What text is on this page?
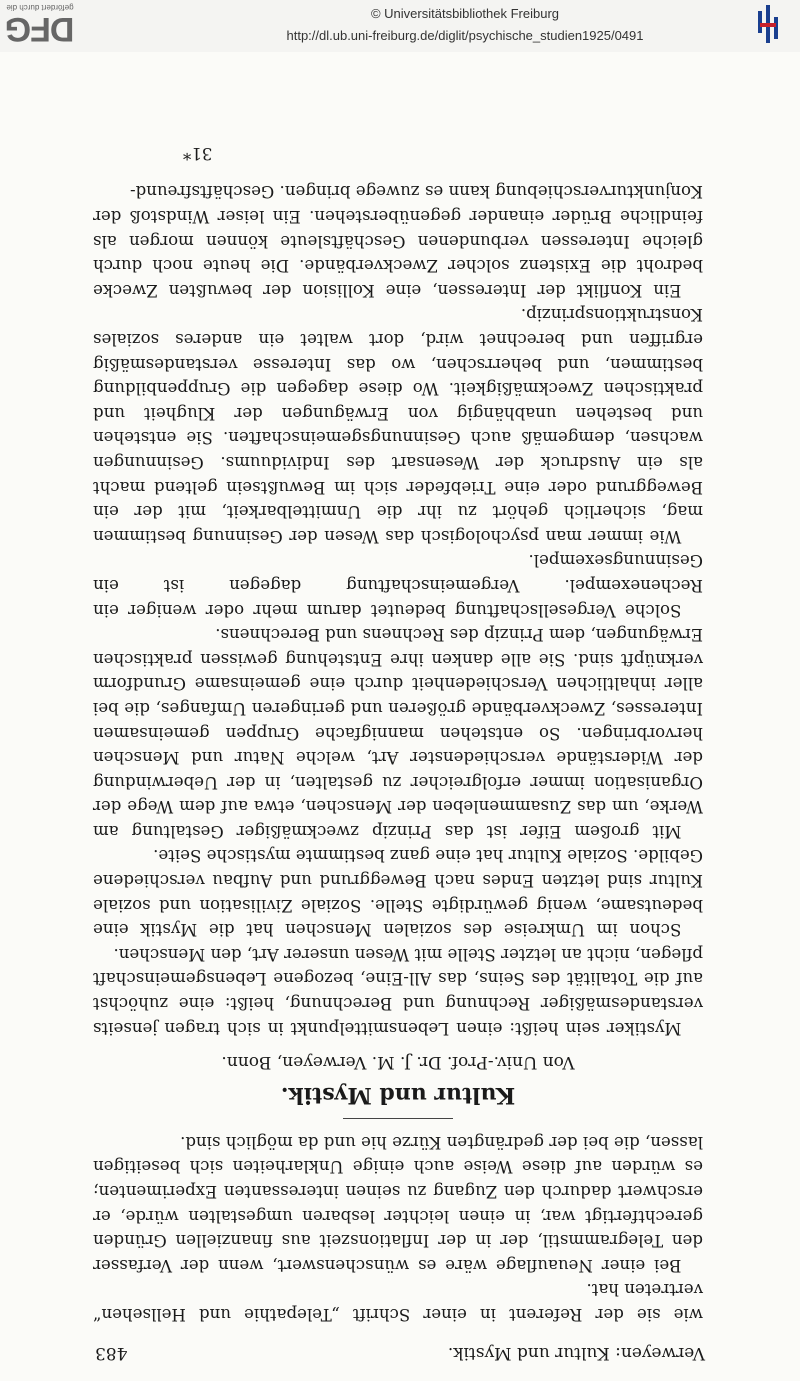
gefördert durch die
DFG	© Universitätsbibliothek Freiburg
http://dl.ub.uni-freiburg.de/diglit/psychische_studien1925/0491
Verweyen: Kultur und Mystik.
483

wie sie der Referent in einer Schrift „Telepathie und Hellsehen“ vertreten hat.

Bei einer Neuauflage wäre es wünschenswert, wenn der Verfasser den Telegrammstil, der in der Inflationszeit aus finanziellen Gründen gerechtfertigt war, in einen leichter lesbaren umgestalten würde, er erschwert dadurch den Zugang zu seinen interessanten Experimenten; es würden auf diese Weise auch einige Unklarheiten sich beseitigen lassen, die bei der gedrängten Kürze hie und da möglich sind.

Kultur und Mystik.

Von Univ.-Prof. Dr. J. M. Verweyen, Bonn.

Mystiker sein heißt: einen Lebensmittelpunkt in sich tragen jenseits verstandesmäßiger Rechnung und Berechnung, heißt: eine zuhöchst auf die Totalität des Seins, das All-Eine, bezogene Lebensgemeinschaft pflegen, nicht an letzter Stelle mit Wesen unserer Art, den Menschen.

Schon im Umkreise des sozialen Menschen hat die Mystik eine bedeutsame, wenig gewürdigte Stelle. Soziale Zivilisation und soziale Kultur sind letzten Endes nach Beweggrund und Aufbau verschiedene Gebilde. Soziale Kultur hat eine ganz bestimmte mystische Seite.

Mit großem Eifer ist das Prinzip zweckmäßiger Gestaltung am Werke, um das Zusammenleben der Menschen, etwa auf dem Wege der Organisation immer erfolgreicher zu gestalten, in der Ueberwindung der Widerstände verschiedenster Art, welche Natur und Menschen hervorbringen. So entstehen mannigfache Gruppen gemeinsamen Interesses, Zweckverbände größeren und geringeren Umfanges, die bei aller inhaltlichen Verschiedenheit durch eine gemeinsame Grundform verknüpft sind. Sie alle danken ihre Entstehung gewissen praktischen Erwägungen, dem Prinzip des Rechnens und Berechnens.

Solche Vergesellschaftung bedeutet darum mehr oder weniger ein Rechenexempel. Vergemeinschaftung dagegen ist ein Gesinnungsexempel.

Wie immer man psychologisch das Wesen der Gesinnung bestimmen mag, sicherlich gehört zu ihr die Unmittelbarkeit, mit der ein Beweggrund oder eine Triebfeder sich im Bewußtsein geltend macht als ein Ausdruck der Wesensart des Individuums. Gesinnungen wachsen, demgemäß auch Gesinnungsgemeinschaften. Sie entstehen und bestehen unabhängig von Erwägungen der Klugheit und praktischen Zweckmäßigkeit. Wo diese dagegen die Gruppenbildung bestimmen, und beherrschen, wo das Interesse verstandesmäßig ergriffen und berechnet wird, dort waltet ein anderes soziales Konstruktionsprinzip.

Ein Konflikt der Interessen, eine Kollision der bewußten Zwecke bedroht die Existenz solcher Zweckverbände. Die heute noch durch gleiche Interessen verbundenen Geschäftsleute können morgen als feindliche Brüder einander gegenüberstehen. Ein leiser Windstoß der Konjunkturverschiebung kann es zuwege bringen. Geschäftsfreund-

31*
